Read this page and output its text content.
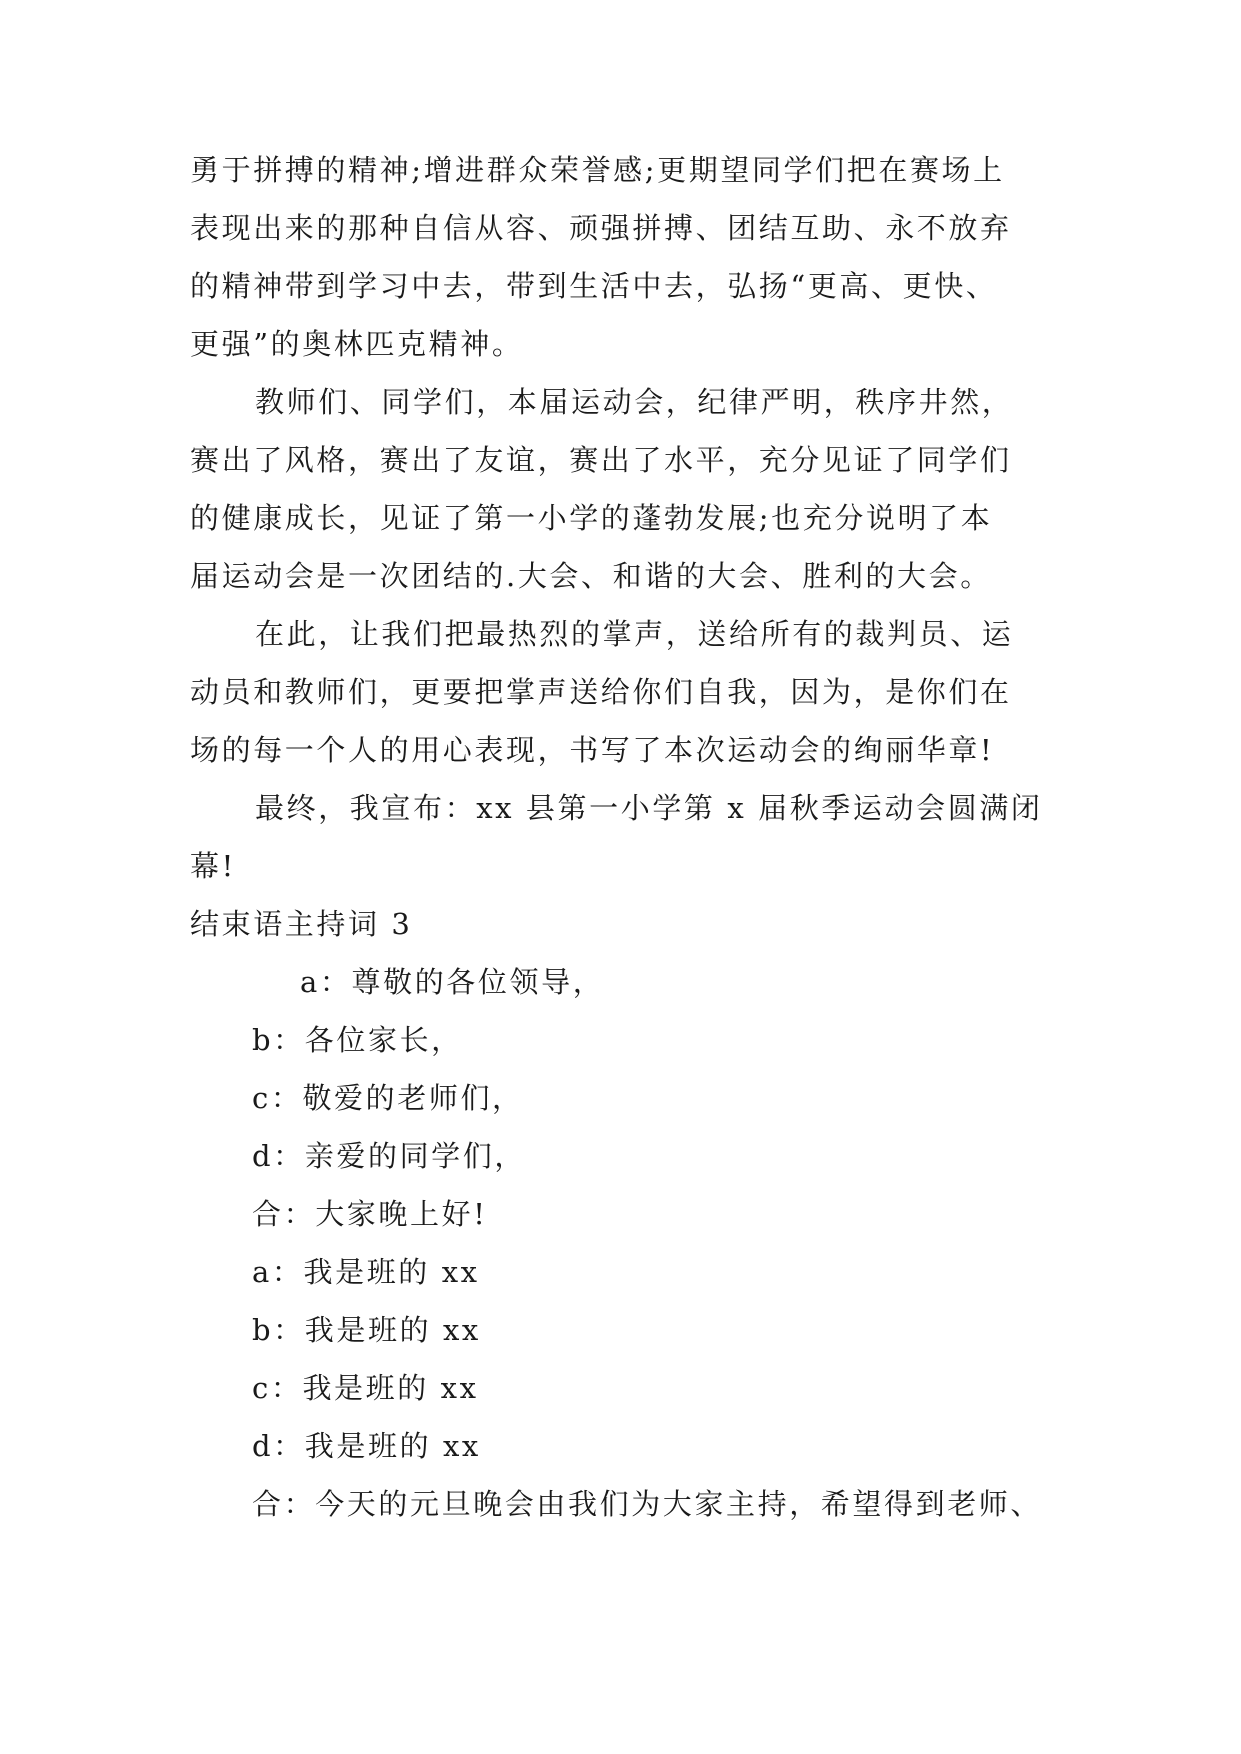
勇于拼搏的精神;增进群众荣誉感;更期望同学们把在赛场上
表现出来的那种自信从容、顽强拼搏、团结互助、永不放弃
的精神带到学习中去，带到生活中去，弘扬“更高、更快、
更强”的奥林匹克精神。
教师们、同学们，本届运动会，纪律严明，秩序井然，
赛出了风格，赛出了友谊，赛出了水平，充分见证了同学们
的健康成长，见证了第一小学的蓬勃发展;也充分说明了本
届运动会是一次团结的.大会、和谐的大会、胜利的大会。
在此，让我们把最热烈的掌声，送给所有的裁判员、运
动员和教师们，更要把掌声送给你们自我，因为，是你们在
场的每一个人的用心表现，书写了本次运动会的绚丽华章!
最终，我宣布：xx 县第一小学第 x 届秋季运动会圆满闭
幕!
结束语主持词 3
a：尊敬的各位领导，
b：各位家长，
c：敬爱的老师们，
d：亲爱的同学们，
合：大家晚上好!
a：我是班的 xx
b：我是班的 xx
c：我是班的 xx
d：我是班的 xx
合：今天的元旦晚会由我们为大家主持，希望得到老师、
